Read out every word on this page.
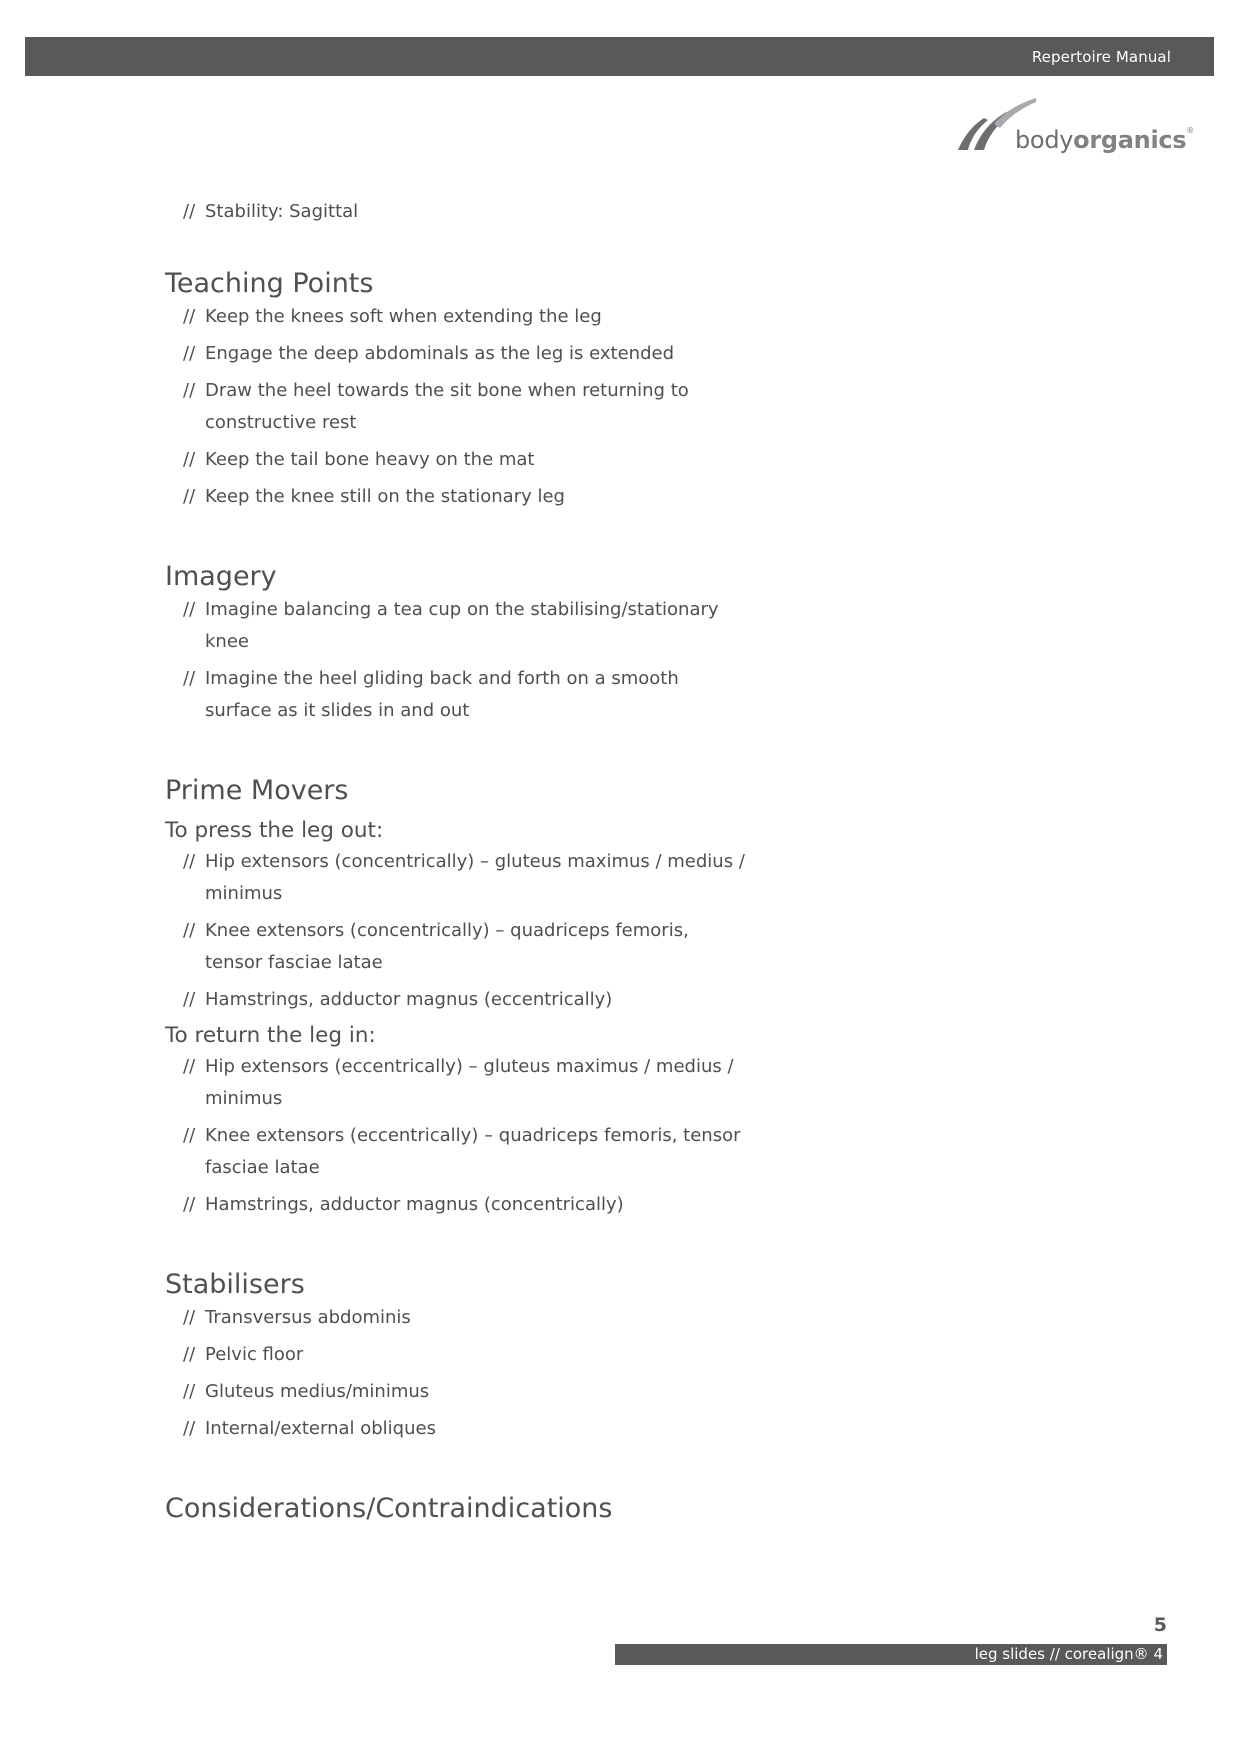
Repertoire Manual
bodyorganics®
// Stability: Sagittal
Teaching Points
// Keep the knees soft when extending the leg
// Engage the deep abdominals as the leg is extended
// Draw the heel towards the sit bone when returning to constructive rest
// Keep the tail bone heavy on the mat
// Keep the knee still on the stationary leg
Imagery
// Imagine balancing a tea cup on the stabilising/stationary knee
// Imagine the heel gliding back and forth on a smooth surface as it slides in and out
Prime Movers
To press the leg out:
// Hip extensors (concentrically) – gluteus maximus / medius / minimus
// Knee extensors (concentrically) – quadriceps femoris, tensor fasciae latae
// Hamstrings, adductor magnus (eccentrically)
To return the leg in:
// Hip extensors (eccentrically) – gluteus maximus / medius / minimus
// Knee extensors (eccentrically) – quadriceps femoris, tensor fasciae latae
// Hamstrings, adductor magnus (concentrically)
Stabilisers
// Transversus abdominis
// Pelvic floor
// Gluteus medius/minimus
// Internal/external obliques
Considerations/Contraindications
5
leg slides // corealign® 4
